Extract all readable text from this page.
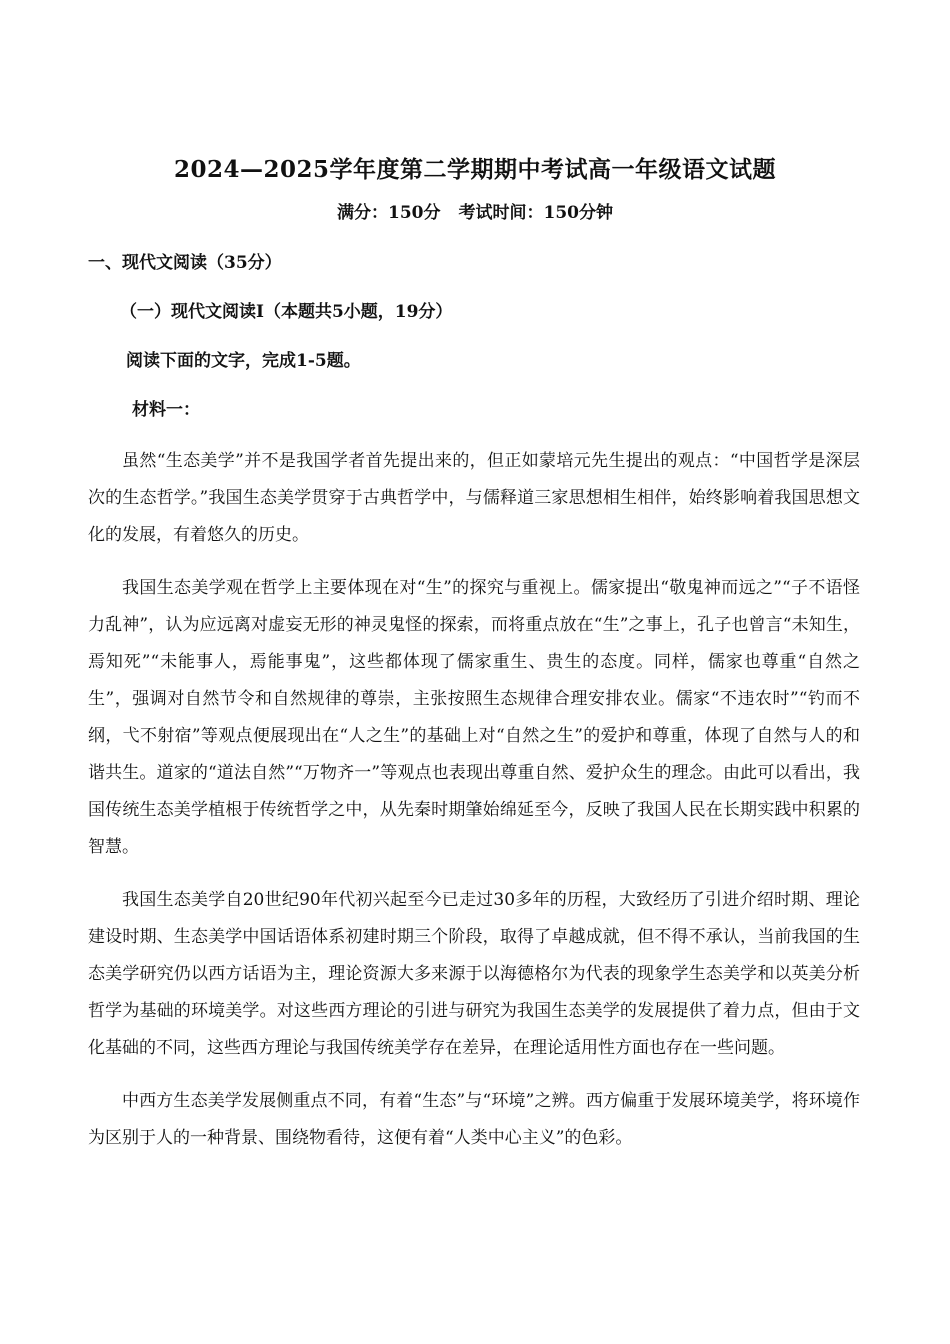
2024—2025学年度第二学期期中考试高一年级语文试题
满分：150分 考试时间：150分钟
一、现代文阅读（35分）
（一）现代文阅读Ⅰ（本题共5小题，19分）
阅读下面的文字，完成1-5题。
材料一：

虽然“生态美学”并不是我国学者首先提出来的，但正如蒙培元先生提出的观点：“中国哲学是深层次的生态哲学。”我国生态美学贯穿于古典哲学中，与儒释道三家思想相生相伴，始终影响着我国思想文化的发展，有着悠久的历史。

我国生态美学观在哲学上主要体现在对“生”的探究与重视上。儒家提出“敬鬼神而远之”“子不语怪力乱神”，认为应远离对虚妄无形的神灵鬼怪的探索，而将重点放在“生”之事上，孔子也曾言“未知生，焉知死”“未能事人，焉能事鬼”，这些都体现了儒家重生、贵生的态度。同样，儒家也尊重“自然之生”，强调对自然节令和自然规律的尊崇，主张按照生态规律合理安排农业。儒家“不违农时”“钓而不纲，弋不射宿”等观点便展现出在“人之生”的基础上对“自然之生”的爱护和尊重，体现了自然与人的和谐共生。道家的“道法自然”“万物齐一”等观点也表现出尊重自然、爱护众生的理念。由此可以看出，我国传统生态美学植根于传统哲学之中，从先秦时期肇始绵延至今，反映了我国人民在长期实践中积累的智慧。

我国生态美学自20世纪90年代初兴起至今已走过30多年的历程，大致经历了引进介绍时期、理论建设时期、生态美学中国话语体系初建时期三个阶段，取得了卓越成就，但不得不承认，当前我国的生态美学研究仍以西方话语为主，理论资源大多来源于以海德格尔为代表的现象学生态美学和以英美分析哲学为基础的环境美学。对这些西方理论的引进与研究为我国生态美学的发展提供了着力点，但由于文化基础的不同，这些西方理论与我国传统美学存在差异，在理论适用性方面也存在一些问题。

中西方生态美学发展侧重点不同，有着“生态”与“环境”之辨。西方偏重于发展环境美学，将环境作为区别于人的一种背景、围绕物看待，这便有着“人类中心主义”的色彩。
